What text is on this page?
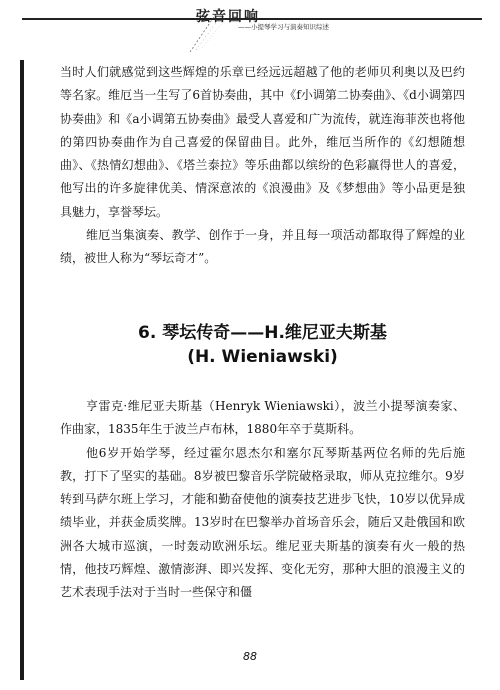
弦音回响
——小提琴学习与演奏知识综述

当时人们就感觉到这些辉煌的乐章已经远远超越了他的老师贝利奥以及巴约等名家。维厄当一生写了6首协奏曲，其中《f小调第二协奏曲》、《d小调第四协奏曲》和《a小调第五协奏曲》最受人喜爱和广为流传，就连海菲茨也将他的第四协奏曲作为自己喜爱的保留曲目。此外，维厄当所作的《幻想随想曲》、《热情幻想曲》、《塔兰泰拉》等乐曲都以缤纷的色彩赢得世人的喜爱，他写出的许多旋律优美、情深意浓的《浪漫曲》及《梦想曲》等小品更是独具魅力，享誉琴坛。

维厄当集演奏、教学、创作于一身，并且每一项活动都取得了辉煌的业绩，被世人称为“琴坛奇才”。

6. 琴坛传奇——H.维尼亚夫斯基
(H. Wieniawski)

亨雷克·维尼亚夫斯基（Henryk Wieniawski），波兰小提琴演奏家、作曲家，1835年生于波兰卢布林，1880年卒于莫斯科。

他6岁开始学琴，经过霍尔恩杰尔和塞尔瓦琴斯基两位名师的先后施教，打下了坚实的基础。8岁被巴黎音乐学院破格录取，师从克拉维尔。9岁转到马萨尔班上学习，才能和勤奋使他的演奏技艺进步飞快，10岁以优异成绩毕业，并获金质奖牌。13岁时在巴黎举办首场音乐会，随后又赴俄国和欧洲各大城市巡演，一时轰动欧洲乐坛。维尼亚夫斯基的演奏有火一般的热情，他技巧辉煌、激情澎湃、即兴发挥、变化无穷，那种大胆的浪漫主义的艺术表现手法对于当时一些保守和僵

88
